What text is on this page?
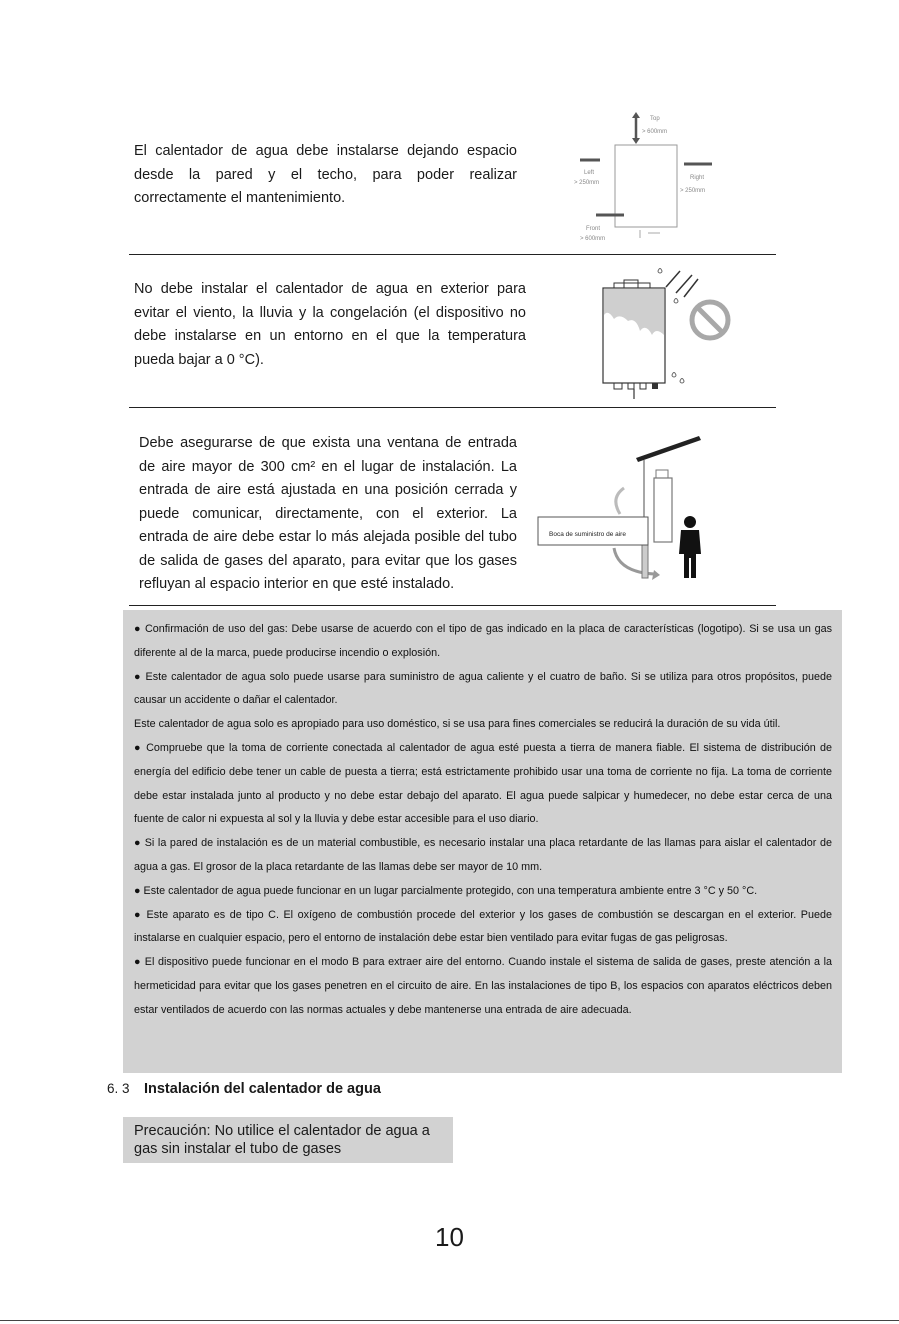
El calentador de agua debe instalarse dejando espacio desde la pared y el techo, para poder realizar correctamente el mantenimiento.

Top
> 600mm
Left
> 250mm
Right
> 250mm
Front
> 600mm

No debe instalar el calentador de agua en exterior para evitar el viento, la lluvia y la congelación (el dispositivo no debe instalarse en un entorno en el que la temperatura pueda bajar a 0 °C).

Debe asegurarse de que exista una ventana de entrada de aire mayor de 300 cm² en el lugar de instalación. La entrada de aire está ajustada en una posición cerrada y puede comunicar, directamente, con el exterior. La entrada de aire debe estar lo más alejada posible del tubo de salida de gases del aparato, para evitar que los gases refluyan al espacio interior en que esté instalado.

Boca de suministro de aire

● Confirmación de uso del gas: Debe usarse de acuerdo con el tipo de gas indicado en la placa de características (logotipo). Si se usa un gas diferente al de la marca, puede producirse incendio o explosión.

● Este calentador de agua solo puede usarse para suministro de agua caliente y el cuatro de baño. Si se utiliza para otros propósitos, puede causar un accidente o dañar el calentador.

Este calentador de agua solo es apropiado para uso doméstico, si se usa para fines comerciales se reducirá la duración de su vida útil.

● Compruebe que la toma de corriente conectada al calentador de agua esté puesta a tierra de manera fiable. El sistema de distribución de energía del edificio debe tener un cable de puesta a tierra; está estrictamente prohibido usar una toma de corriente no fija. La toma de corriente debe estar instalada junto al producto y no debe estar debajo del aparato. El agua puede salpicar y humedecer, no debe estar cerca de una fuente de calor ni expuesta al sol y la lluvia y debe estar accesible para el uso diario.

● Si la pared de instalación es de un material combustible, es necesario instalar una placa retardante de las llamas para aislar el calentador de agua a gas. El grosor de la placa retardante de las llamas debe ser mayor de 10 mm.

● Este calentador de agua puede funcionar en un lugar parcialmente protegido, con una temperatura ambiente entre 3 °C y 50 °C.

● Este aparato es de tipo C. El oxígeno de combustión procede del exterior y los gases de combustión se descargan en el exterior. Puede instalarse en cualquier espacio, pero el entorno de instalación debe estar bien ventilado para evitar fugas de gas peligrosas.

● El dispositivo puede funcionar en el modo B para extraer aire del entorno. Cuando instale el sistema de salida de gases, preste atención a la hermeticidad para evitar que los gases penetren en el circuito de aire. En las instalaciones de tipo B, los espacios con aparatos eléctricos deben estar ventilados de acuerdo con las normas actuales y debe mantenerse una entrada de aire adecuada.

6. 3 Instalación del calentador de agua
Precaución: No utilice el calentador de agua a gas sin instalar el tubo de gases
10
